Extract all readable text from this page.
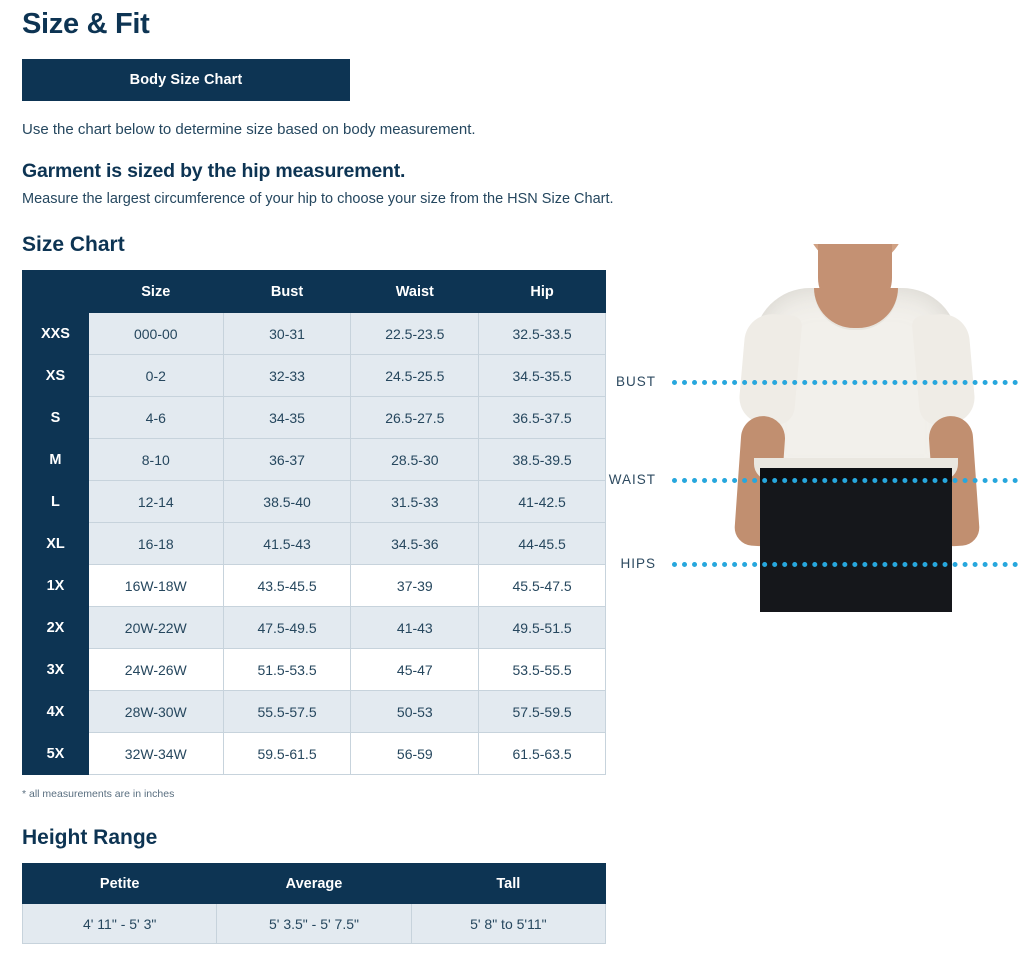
Size & Fit
Body Size Chart

Use the chart below to determine size based on body measurement.

Garment is sized by the hip measurement.

Measure the largest circumference of your hip to choose your size from the HSN Size Chart.

Size Chart
	Size	Bust	Waist	Hip
XXS	000-00	30-31	22.5-23.5	32.5-33.5
XS	0-2	32-33	24.5-25.5	34.5-35.5
S	4-6	34-35	26.5-27.5	36.5-37.5
M	8-10	36-37	28.5-30	38.5-39.5
L	12-14	38.5-40	31.5-33	41-42.5
XL	16-18	41.5-43	34.5-36	44-45.5
1X	16W-18W	43.5-45.5	37-39	45.5-47.5
2X	20W-22W	47.5-49.5	41-43	49.5-51.5
3X	24W-26W	51.5-53.5	45-47	53.5-55.5
4X	28W-30W	55.5-57.5	50-53	57.5-59.5
5X	32W-34W	59.5-61.5	56-59	61.5-63.5
* all measurements are in inches
Height Range
Petite	Average	Tall
4' 11" - 5' 3"	5' 3.5" - 5' 7.5"	5' 8" to 5'11"
BUST
WAIST
HIPS
